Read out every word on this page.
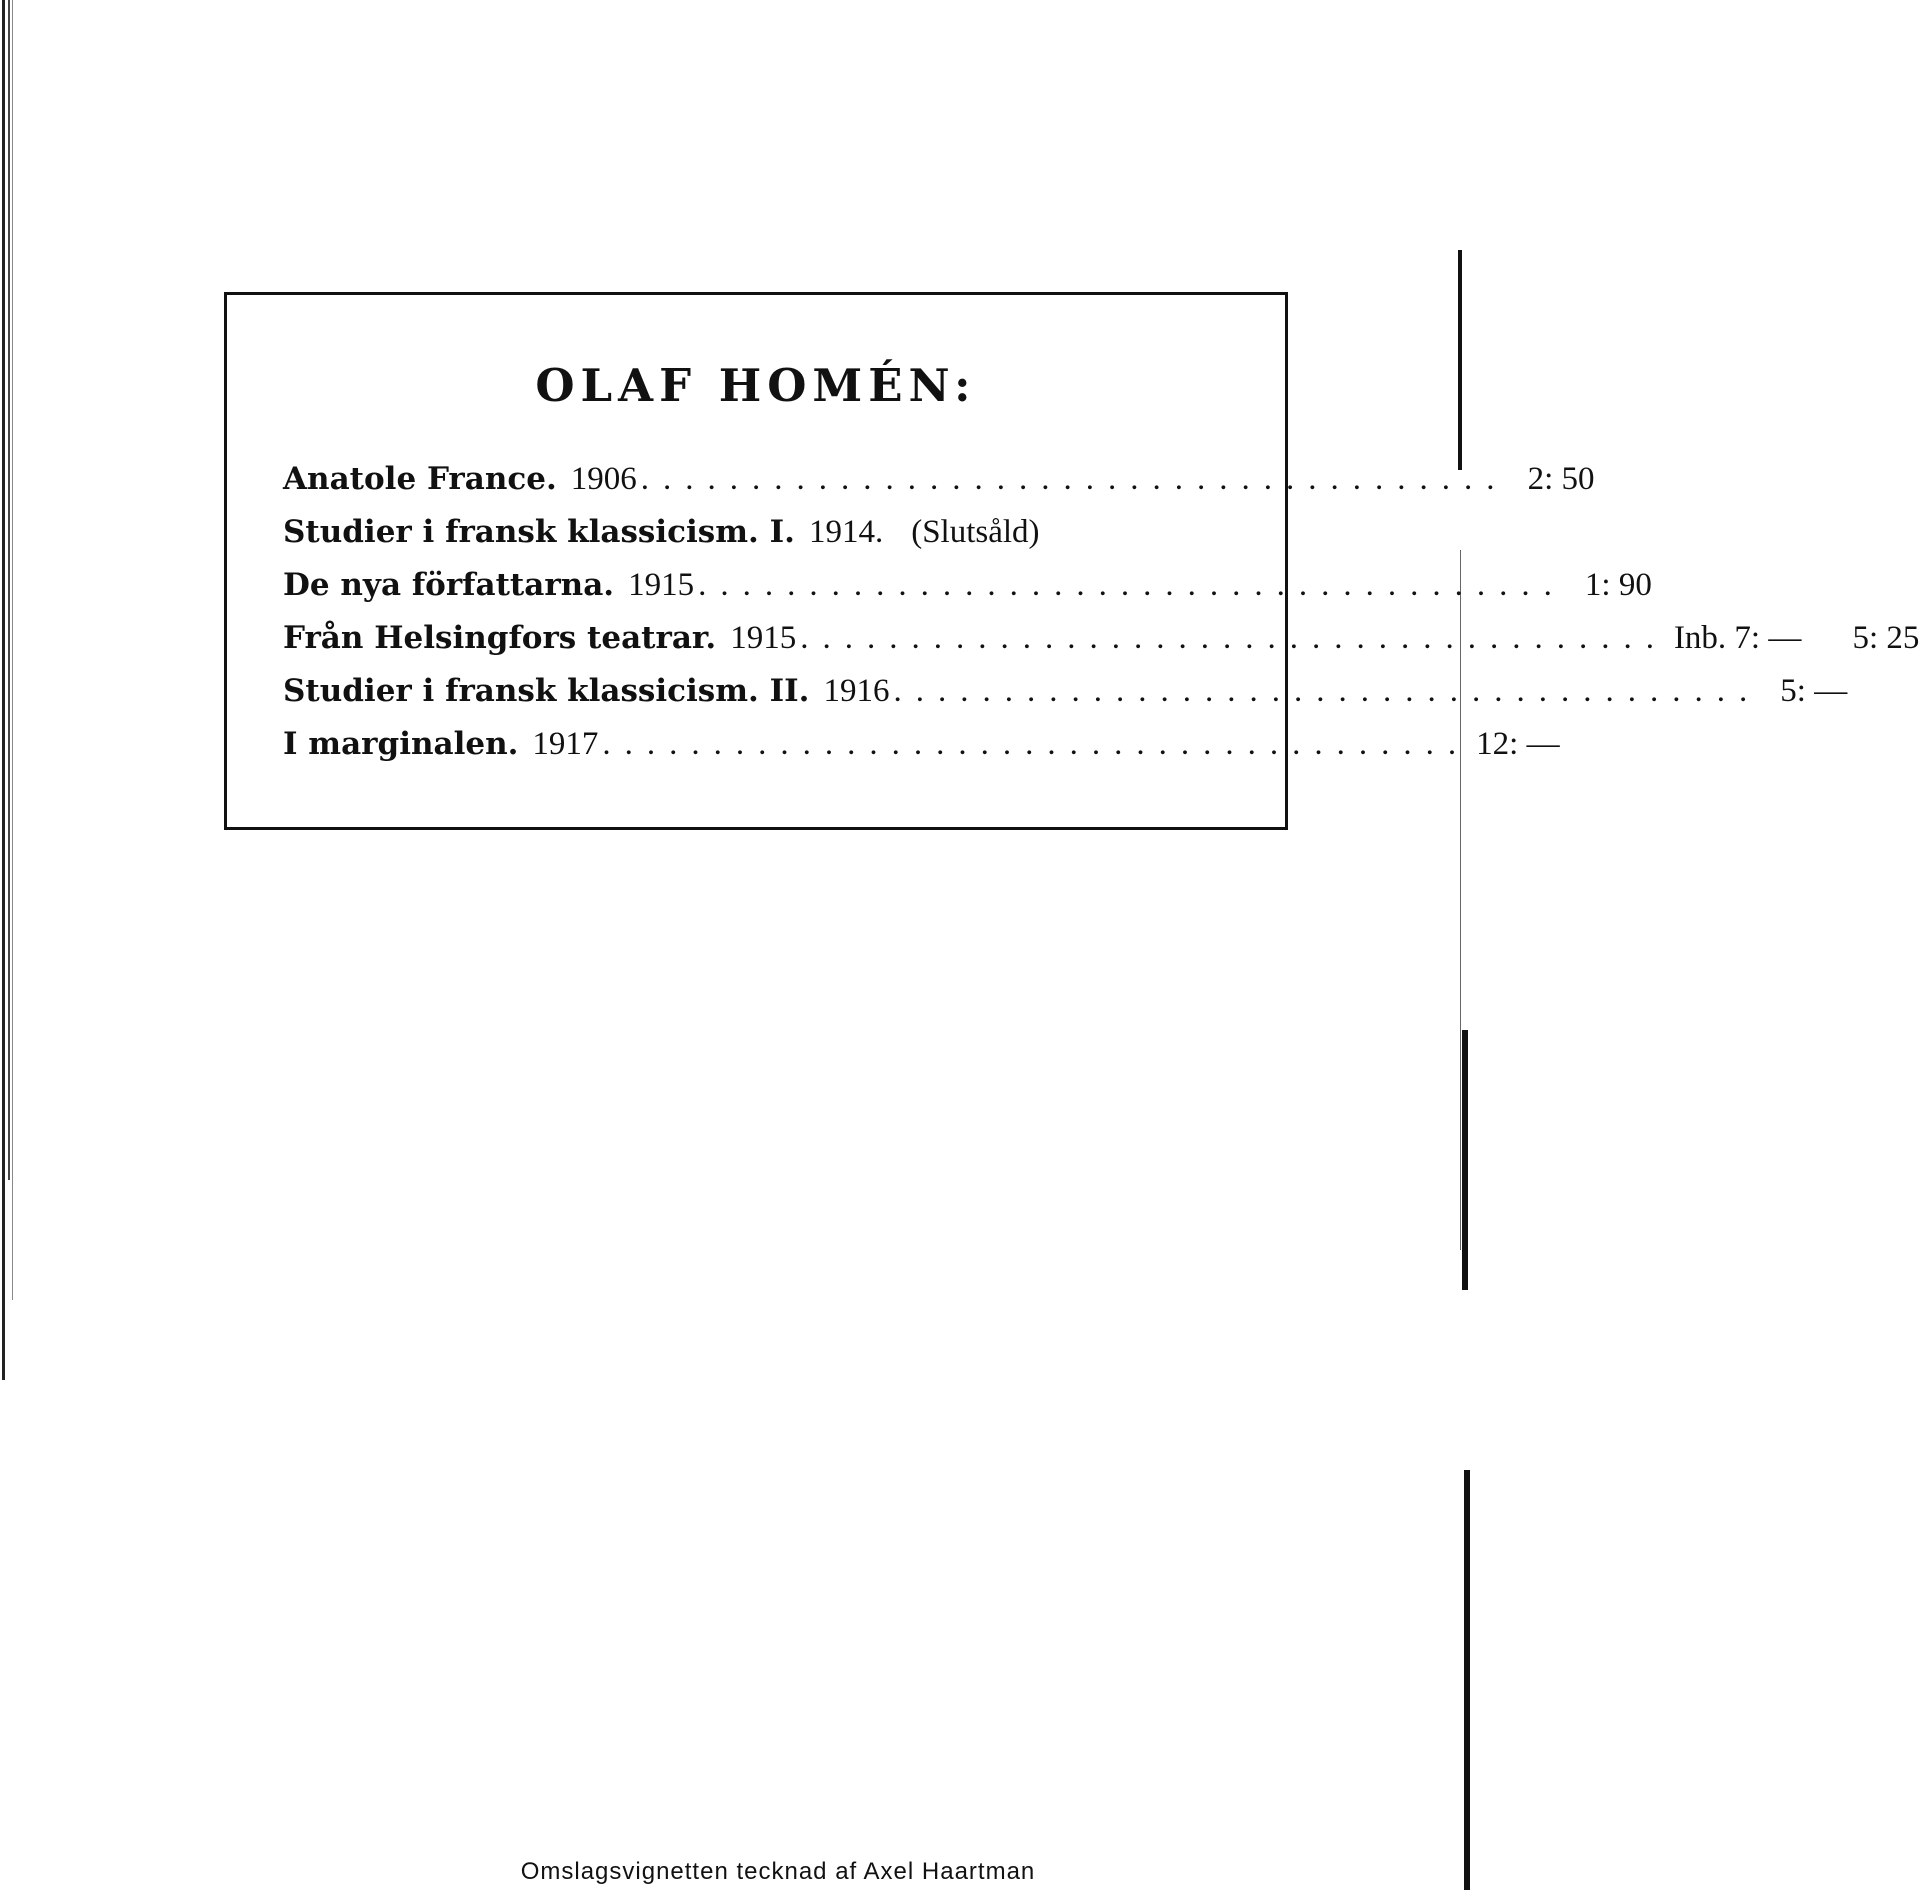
OLAF HOMÉN:
Anatole France. 1906 ....................................... 2: 50
Studier i fransk klassicism. I. 1914. (Slutsåld)
De nya författarna. 1915 ....................................... 1: 90
Från Helsingfors teatrar. 1915 ....................................... Inb. 7: —	5: 25
Studier i fransk klassicism. II. 1916 ....................................... 5: —
I marginalen. 1917 ....................................... 12: —
Omslagsvignetten tecknad af Axel Haartman
